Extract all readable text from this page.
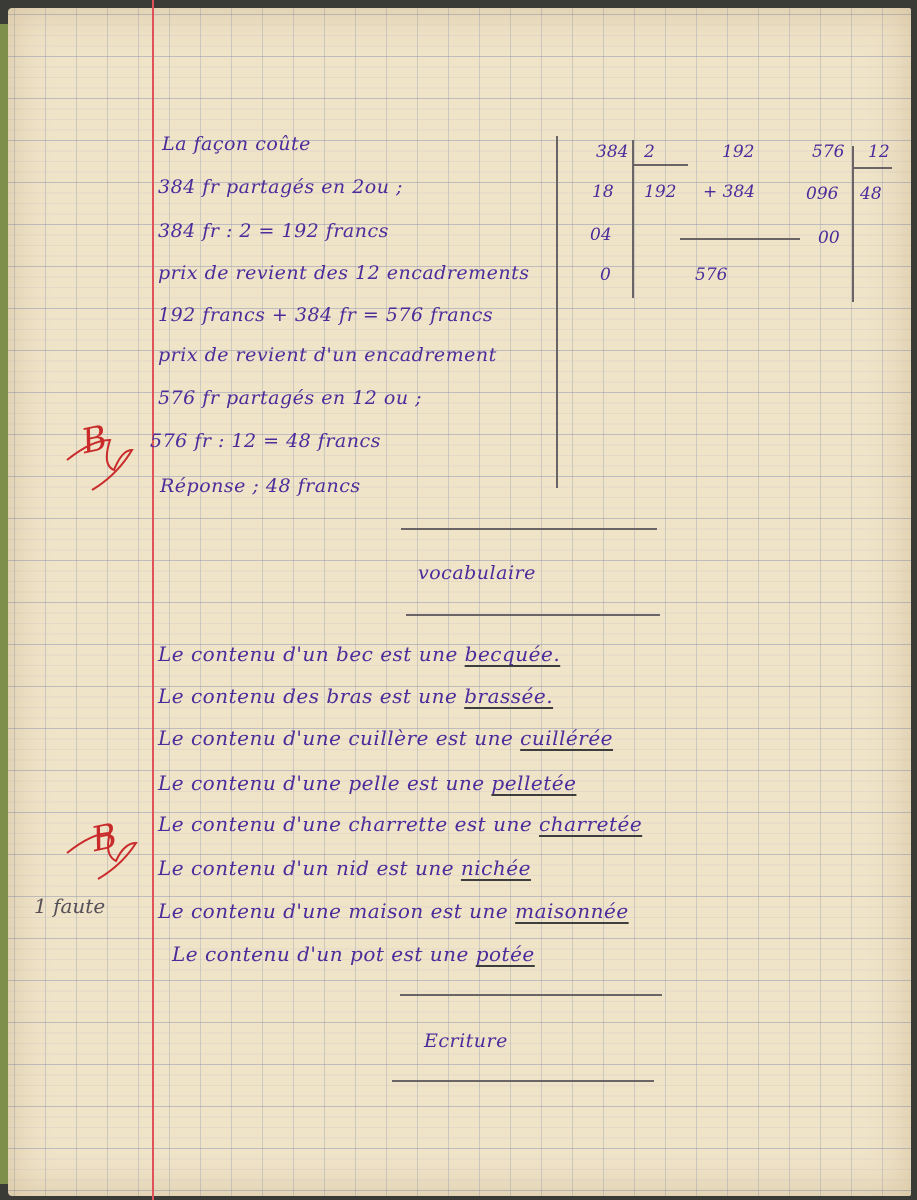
La façon coûte
384 fr partagés en 2ou ;
384 fr : 2 = 192 francs
prix de revient des 12 encadrements
192 francs + 384 fr = 576 francs
prix de revient d'un encadrement
576 fr partagés en 12 ou ;
576 fr : 12 = 48 francs
Réponse ; 48 francs
384 2
18 192
04
0
192
+ 384
576
576 12
096 48
00
B
vocabulaire
Le contenu d'un bec est une becquée.
Le contenu des bras est une brassée.
Le contenu d'une cuillère est une cuillérée
Le contenu d'une pelle est une pelletée
Le contenu d'une charrette est une charretée
Le contenu d'un nid est une nichée
Le contenu d'une maison est une maisonnée
Le contenu d'un pot est une potée
B
1 faute
Ecriture
